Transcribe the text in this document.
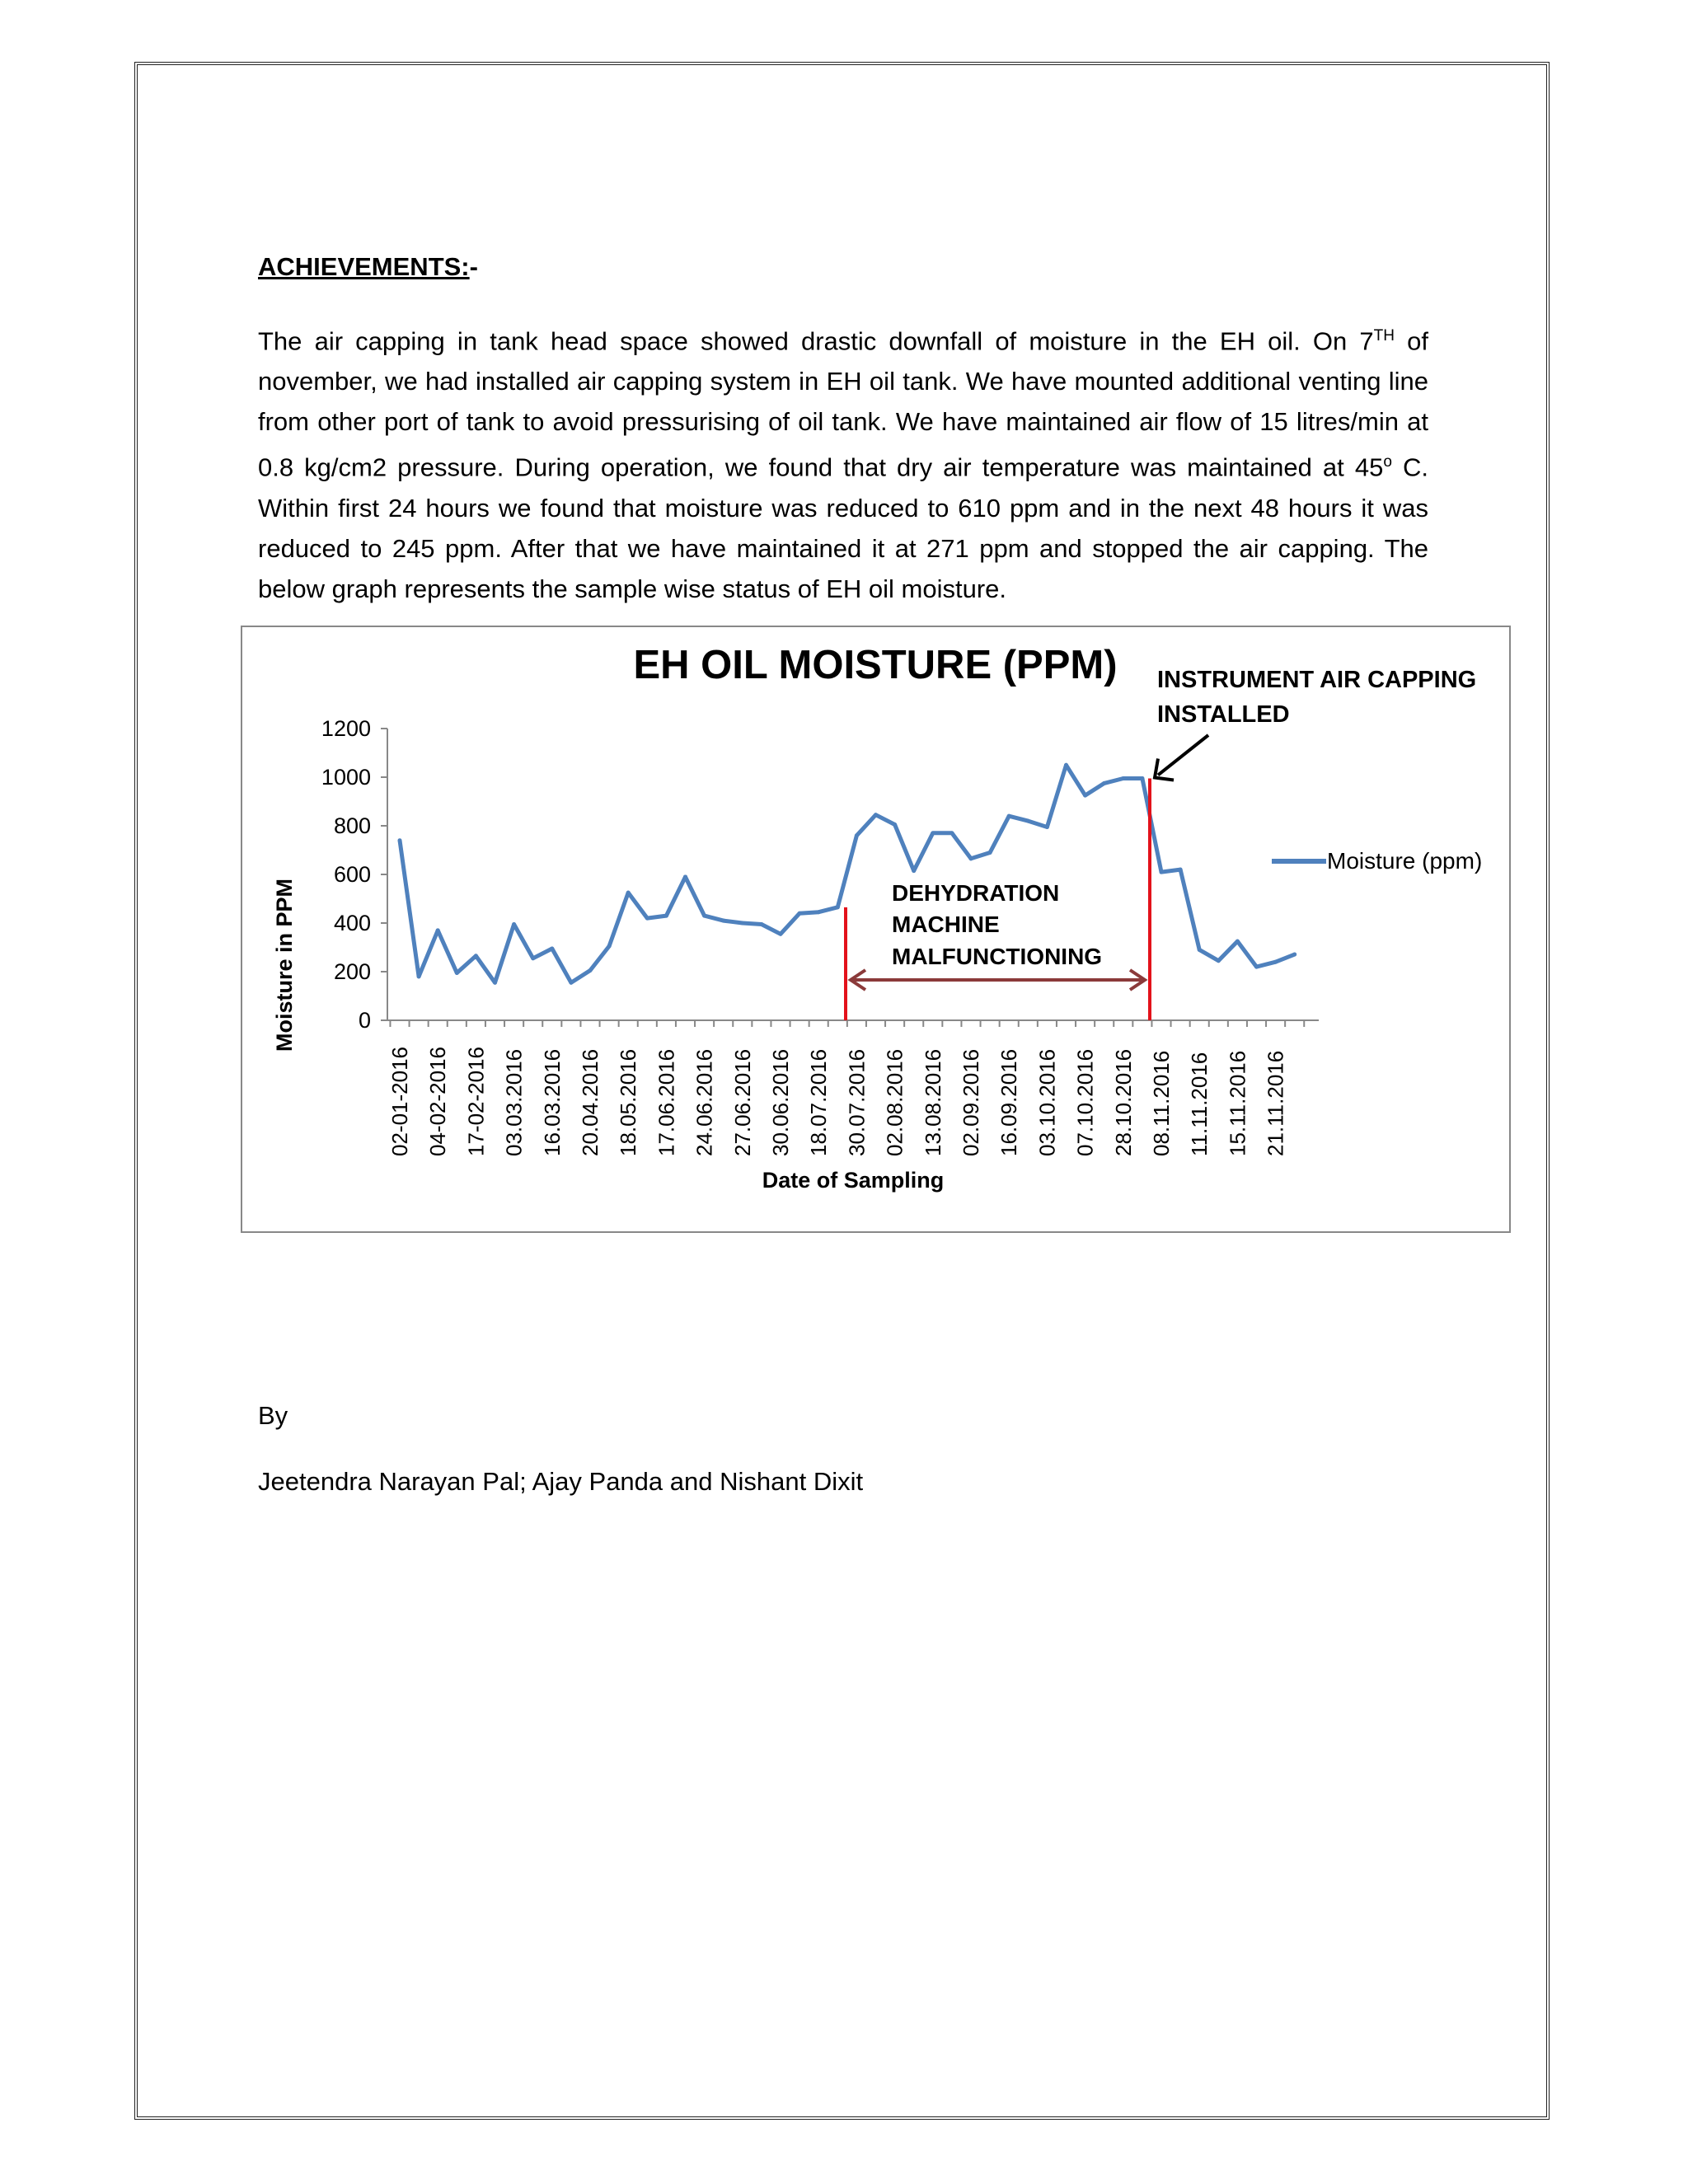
ACHIEVEMENTS:-

The air capping in tank head space showed drastic downfall of moisture in the EH oil. On 7TH of november, we had installed air capping system in EH oil tank. We have mounted additional venting line from other port of tank to avoid pressurising of oil tank. We have maintained air flow of 15 litres/min at 0.8 kg/cm2 pressure. During operation, we found that dry air temperature was maintained at 45$^o$ C. Within first 24 hours we found that moisture was reduced to 610 ppm and in the next 48 hours it was reduced to 245 ppm. After that we have maintained it at 271 ppm and stopped the air capping. The below graph represents the sample wise status of EH oil moisture.

0
200
400
600
800
1000
1200
02-01-2016 04-02-2016 17-02-2016 03.03.2016 16.03.2016 20.04.2016 18.05.2016 17.06.2016 24.06.2016 27.06.2016 30.06.2016 18.07.2016 30.07.2016 02.08.2016 13.08.2016 02.09.2016 16.09.2016 03.10.2016 07.10.2016 28.10.2016 08.11.2016 11.11.2016 15.11.2016 21.11.2016
EH OIL MOISTURE (PPM)
Moisture in PPM
Date of Sampling
INSTRUMENT AIR CAPPING
INSTALLED
DEHYDRATION
MACHINE
MALFUNCTIONING
Moisture (ppm)
By
Jeetendra Narayan Pal; Ajay Panda and Nishant Dixit
